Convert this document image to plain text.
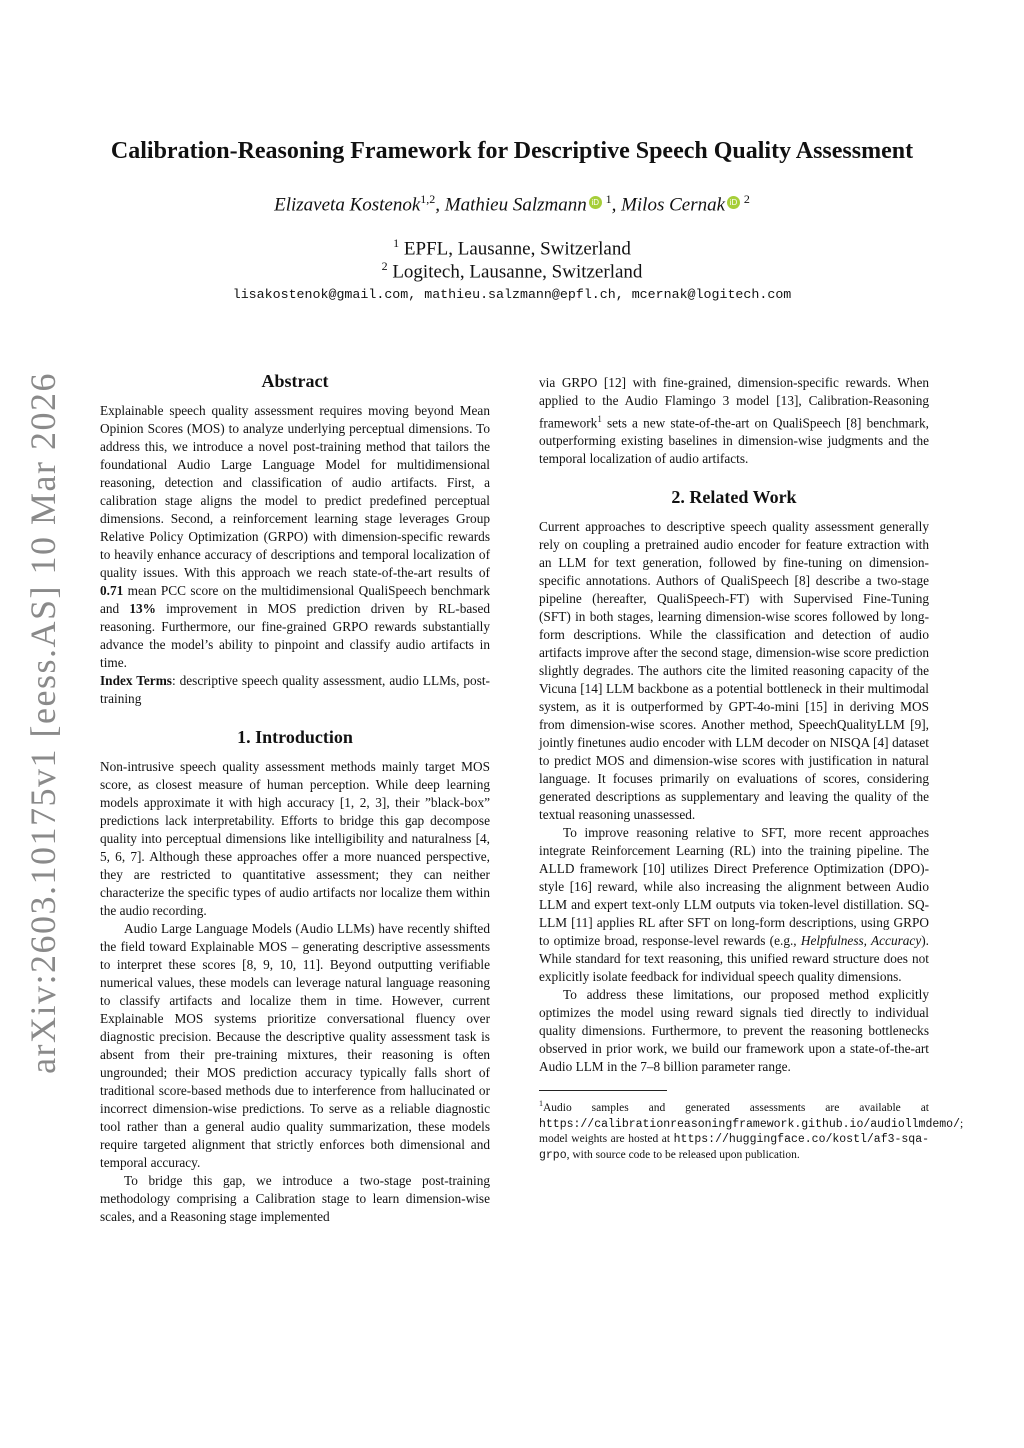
arXiv:2603.10175v1 [eess.AS] 10 Mar 2026
Calibration-Reasoning Framework for Descriptive Speech Quality Assessment
Elizaveta Kostenok$^{1,2}$, Mathieu Salzmann iD  $^1$, Milos Cernak iD  $^2$
$^1$ EPFL, Lausanne, Switzerland
$^2$ Logitech, Lausanne, Switzerland
lisakostenok@gmail.com, mathieu.salzmann@epfl.ch, mcernak@logitech.com
Abstract

Explainable speech quality assessment requires moving beyond Mean Opinion Scores (MOS) to analyze underlying perceptual dimensions. To address this, we introduce a novel post-training method that tailors the foundational Audio Large Language Model for multidimensional reasoning, detection and classification of audio artifacts. First, a calibration stage aligns the model to predict predefined perceptual dimensions. Second, a reinforcement learning stage leverages Group Relative Policy Optimization (GRPO) with dimension-specific rewards to heavily enhance accuracy of descriptions and temporal localization of quality issues. With this approach we reach state-of-the-art results of 0.71 mean PCC score on the multidimensional QualiSpeech benchmark and 13% improvement in MOS prediction driven by RL-based reasoning. Furthermore, our fine-grained GRPO rewards substantially advance the model’s ability to pinpoint and classify audio artifacts in time.

Index Terms: descriptive speech quality assessment, audio LLMs, post-training

1. Introduction

Non-intrusive speech quality assessment methods mainly target MOS score, as closest measure of human perception. While deep learning models approximate it with high accuracy [1, 2, 3], their ”black-box” predictions lack interpretability. Efforts to bridge this gap decompose quality into perceptual dimensions like intelligibility and naturalness [4, 5, 6, 7]. Although these approaches offer a more nuanced perspective, they are restricted to quantitative assessment; they can neither characterize the specific types of audio artifacts nor localize them within the audio recording.

Audio Large Language Models (Audio LLMs) have recently shifted the field toward Explainable MOS – generating descriptive assessments to interpret these scores [8, 9, 10, 11]. Beyond outputting verifiable numerical values, these models can leverage natural language reasoning to classify artifacts and localize them in time. However, current Explainable MOS systems prioritize conversational fluency over diagnostic precision. Because the descriptive quality assessment task is absent from their pre-training mixtures, their reasoning is often ungrounded; their MOS prediction accuracy typically falls short of traditional score-based methods due to interference from hallucinated or incorrect dimension-wise predictions. To serve as a reliable diagnostic tool rather than a general audio quality summarization, these models require targeted alignment that strictly enforces both dimensional and temporal accuracy.

To bridge this gap, we introduce a two-stage post-training methodology comprising a Calibration stage to learn dimension-wise scales, and a Reasoning stage implemented

via GRPO [12] with fine-grained, dimension-specific rewards. When applied to the Audio Flamingo 3 model [13], Calibration-Reasoning framework$^1$ sets a new state-of-the-art on QualiSpeech [8] benchmark, outperforming existing baselines in dimension-wise judgments and the temporal localization of audio artifacts.

2. Related Work

Current approaches to descriptive speech quality assessment generally rely on coupling a pretrained audio encoder for feature extraction with an LLM for text generation, followed by fine-tuning on dimension-specific annotations. Authors of QualiSpeech [8] describe a two-stage pipeline (hereafter, QualiSpeech-FT) with Supervised Fine-Tuning (SFT) in both stages, learning dimension-wise scores followed by long-form descriptions. While the classification and detection of audio artifacts improve after the second stage, dimension-wise score prediction slightly degrades. The authors cite the limited reasoning capacity of the Vicuna [14] LLM backbone as a potential bottleneck in their multimodal system, as it is outperformed by GPT-4o-mini [15] in deriving MOS from dimension-wise scores. Another method, SpeechQualityLLM [9], jointly finetunes audio encoder with LLM decoder on NISQA [4] dataset to predict MOS and dimension-wise scores with justification in natural language. It focuses primarily on evaluations of scores, considering generated descriptions as supplementary and leaving the quality of the textual reasoning unassessed.

To improve reasoning relative to SFT, more recent approaches integrate Reinforcement Learning (RL) into the training pipeline. The ALLD framework [10] utilizes Direct Preference Optimization (DPO)-style [16] reward, while also increasing the alignment between Audio LLM and expert text-only LLM outputs via token-level distillation. SQ-LLM [11] applies RL after SFT on long-form descriptions, using GRPO to optimize broad, response-level rewards (e.g., Helpfulness, Accuracy). While standard for text reasoning, this unified reward structure does not explicitly isolate feedback for individual speech quality dimensions.

To address these limitations, our proposed method explicitly optimizes the model using reward signals tied directly to individual quality dimensions. Furthermore, to prevent the reasoning bottlenecks observed in prior work, we build our framework upon a state-of-the-art Audio LLM in the 7–8 billion parameter range.

$^1$Audio samples and generated assessments are available at https://calibrationreasoningframework.github.io/audiollmdemo/; model weights are hosted at https://huggingface.co/kostl/af3-sqa-grpo, with source code to be released upon publication.
